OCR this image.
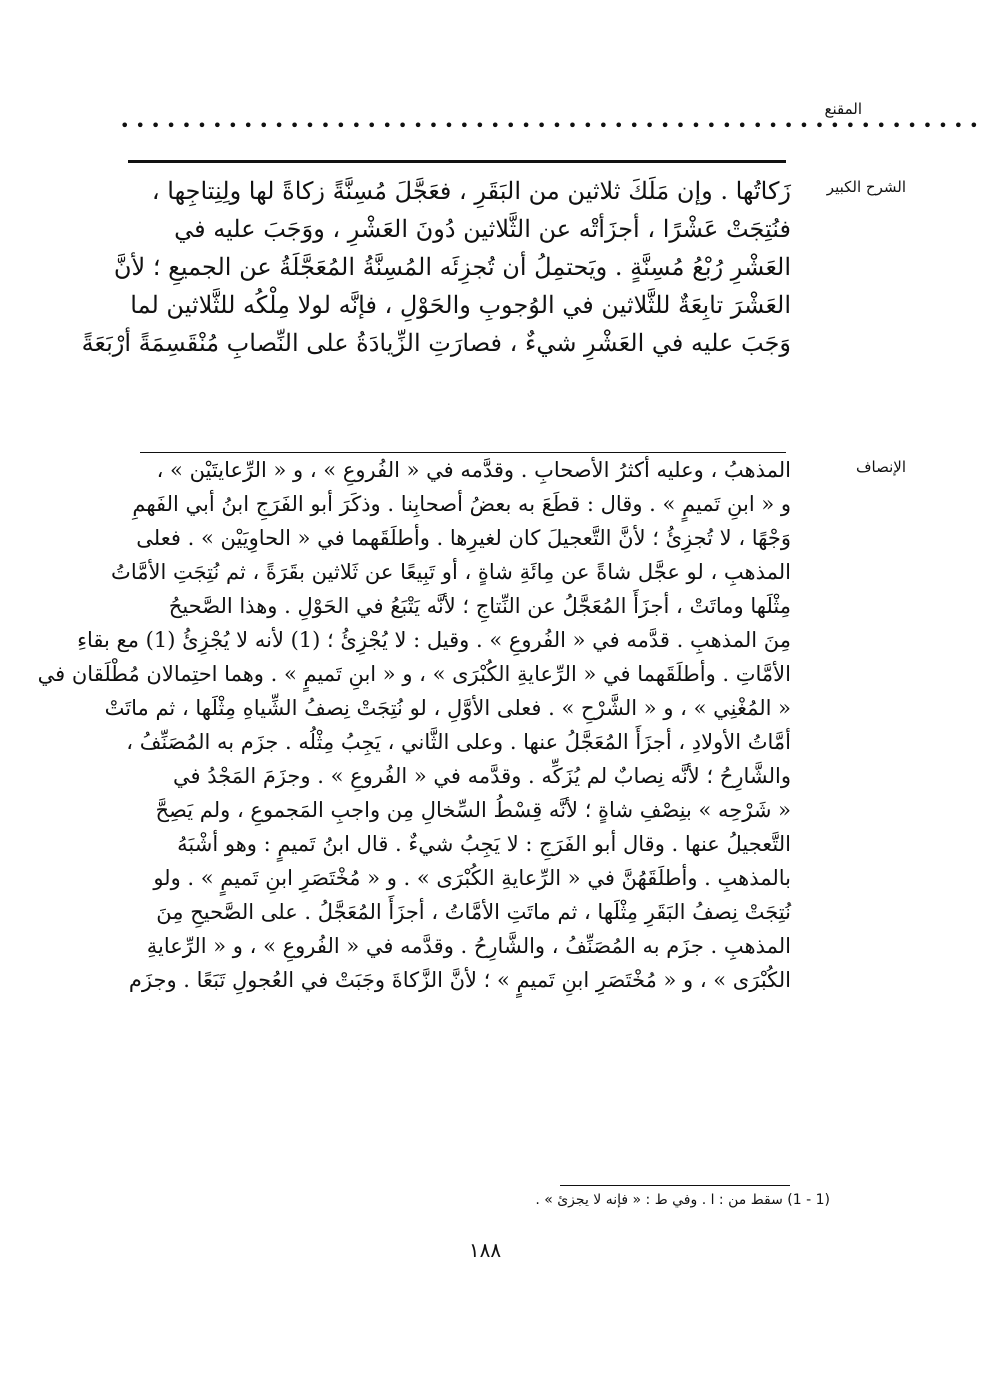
المقنع
••••••••••••••••••••••••••••••••••••••••••••••••••••••••
الشرح الكبير
زَكاتُها . وإن مَلَكَ ثلاثين من البَقَرِ ، فعَجَّلَ مُسِنَّةً زكاةً لها ولِنِتاجِها ،
فنُتِجَتْ عَشْرًا ، أجزَأتْه عن الثَّلاثين دُونَ العَشْرِ ، ووَجَبَ عليه في
العَشْرِ رُبْعُ مُسِنَّةٍ . ويَحتمِلُ أن تُجزِئَه المُسِنَّةُ المُعَجَّلَةُ عن الجميعِ ؛ لأنَّ
العَشْرَ تابِعَةٌ للثَّلاثين في الوُجوبِ والحَوْلِ ، فإنَّه لولا مِلْكُه للثَّلاثين لما
وَجَبَ عليه في العَشْرِ شيءٌ ، فصارَتِ الزِّيادَةُ على النِّصابِ مُنْقَسِمَةً أرْبَعَةً
الإنصاف
المذهبُ ، وعليه أكثرُ الأصحابِ . وقدَّمه في « الفُروعِ » ، و « الرِّعايتَيْن » ،
و « ابنِ تَميمٍ » . وقال : قطَعَ به بعضُ أصحابِنا . وذكَرَ أبو الفَرَجِ ابنُ أبي الفَهمِ
وَجْهًا ، لا تُجزِئُ ؛ لأنَّ التَّعجيلَ كان لغيرِها . وأطلَقَهما في « الحاوِيَيْن » . فعلى
المذهبِ ، لو عجَّل شاةً عن مِائَةِ شاةٍ ، أو تَبِيعًا عن ثَلاثين بقَرَةً ، ثم نُتِجَتِ الأمَّاتُ
مِثْلَها وماتَتْ ، أجزَأَ المُعَجَّلُ عن النِّتاجِ ؛ لأنَّه يَتْبَعُ في الحَوْلِ . وهذا الصَّحيحُ
مِنَ المذهبِ . قدَّمه في « الفُروعِ » . وقيل : لا يُجْزِئُ ؛ (1) لأنه لا يُجْزِئُ (1) مع بقاءِ
الأمَّاتِ . وأطلَقَهما في « الرِّعايةِ الكُبْرَى » ، و « ابنِ تَميمٍ » . وهما احتِمالان مُطْلَقان في
« المُغْنِي » ، و « الشَّرْحِ » . فعلى الأوَّلِ ، لو نُتِجَتْ نِصفُ الشِّياهِ مِثْلَها ، ثم ماتَتْ
أمَّاتُ الأولادِ ، أجزَأَ المُعَجَّلُ عنها . وعلى الثَّاني ، يَجِبُ مِثْلُه . جزَم به المُصَنِّفُ ،
والشَّارِحُ ؛ لأنَّه نِصابٌ لم يُزَكِّه . وقدَّمه في « الفُروعِ » . وجزَمَ المَجْدُ في
« شَرْحِه » بنِصْفِ شاةٍ ؛ لأنَّه قِسْطُ السِّخالِ مِن واجبِ المَجموعِ ، ولم يَصِحَّ
التَّعجيلُ عنها . وقال أبو الفَرَجِ : لا يَجِبُ شيءٌ . قال ابنُ تَميمٍ : وهو أشْبَهُ
بالمذهبِ . وأطلَقَهُنَّ في « الرِّعايةِ الكُبْرَى » . و « مُخْتَصَرِ ابنِ تَميمٍ » . ولو
نُتِجَتْ نِصفُ البَقَرِ مِثْلَها ، ثم ماتَتِ الأمَّاتُ ، أجزَأَ المُعَجَّلُ . على الصَّحيحِ مِنَ
المذهبِ . جزَم به المُصَنِّفُ ، والشَّارِحُ . وقدَّمه في « الفُروعِ » ، و « الرِّعايةِ
الكُبْرَى » ، و « مُخْتَصَرِ ابنِ تَميمٍ » ؛ لأنَّ الزَّكاةَ وجَبَتْ في العُجولِ تَبَعًا . وجزَم
(1 - 1) سقط من : ا . وفي ط : « فإنه لا يجزئ » .
١٨٨
